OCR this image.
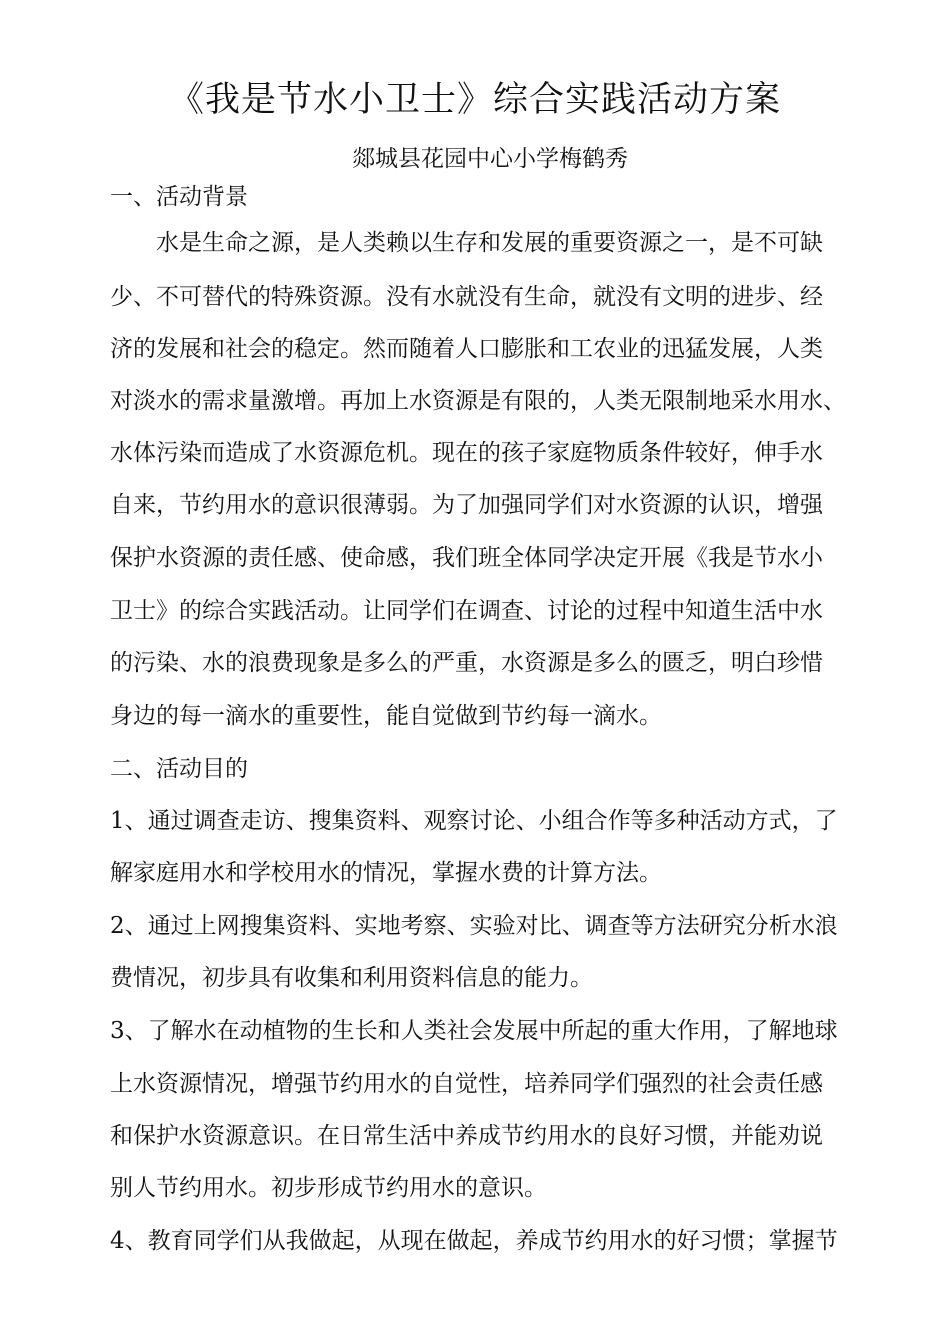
《我是节水小卫士》综合实践活动方案
郯城县花园中心小学梅鹤秀
一、活动背景
　　水是生命之源，是人类赖以生存和发展的重要资源之一，是不可缺
少、不可替代的特殊资源。没有水就没有生命，就没有文明的进步、经
济的发展和社会的稳定。然而随着人口膨胀和工农业的迅猛发展，人类
对淡水的需求量激增。再加上水资源是有限的，人类无限制地采水用水、
水体污染而造成了水资源危机。现在的孩子家庭物质条件较好，伸手水
自来，节约用水的意识很薄弱。为了加强同学们对水资源的认识，增强
保护水资源的责任感、使命感，我们班全体同学决定开展《我是节水小
卫士》的综合实践活动。让同学们在调查、讨论的过程中知道生活中水
的污染、水的浪费现象是多么的严重，水资源是多么的匮乏，明白珍惜
身边的每一滴水的重要性，能自觉做到节约每一滴水。
二、活动目的
1、通过调查走访、搜集资料、观察讨论、小组合作等多种活动方式，了
解家庭用水和学校用水的情况，掌握水费的计算方法。
2、通过上网搜集资料、实地考察、实验对比、调查等方法研究分析水浪
费情况，初步具有收集和利用资料信息的能力。
3、了解水在动植物的生长和人类社会发展中所起的重大作用，了解地球
上水资源情况，增强节约用水的自觉性，培养同学们强烈的社会责任感
和保护水资源意识。在日常生活中养成节约用水的良好习惯，并能劝说
别人节约用水。初步形成节约用水的意识。
4、教育同学们从我做起，从现在做起，养成节约用水的好习惯；掌握节
